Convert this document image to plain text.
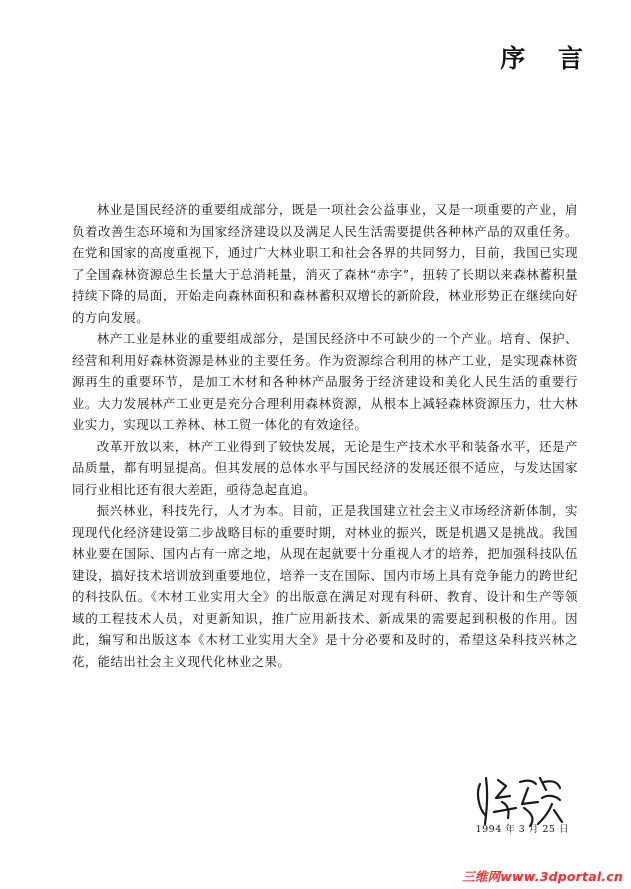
序 言

林业是国民经济的重要组成部分，既是一项社会公益事业，又是一项重要的产业，肩负着改善生态环境和为国家经济建设以及满足人民生活需要提供各种林产品的双重任务。在党和国家的高度重视下，通过广大林业职工和社会各界的共同努力，目前，我国已实现了全国森林资源总生长量大于总消耗量，消灭了森林“赤字”，扭转了长期以来森林蓄积量持续下降的局面，开始走向森林面积和森林蓄积双增长的新阶段，林业形势正在继续向好的方向发展。

林产工业是林业的重要组成部分，是国民经济中不可缺少的一个产业。培育、保护、经营和利用好森林资源是林业的主要任务。作为资源综合利用的林产工业，是实现森林资源再生的重要环节，是加工木材和各种林产品服务于经济建设和美化人民生活的重要行业。大力发展林产工业更是充分合理利用森林资源，从根本上减轻森林资源压力，壮大林业实力，实现以工养林、林工贸一体化的有效途径。

改革开放以来，林产工业得到了较快发展，无论是生产技术水平和装备水平，还是产品质量，都有明显提高。但其发展的总体水平与国民经济的发展还很不适应，与发达国家同行业相比还有很大差距，亟待急起直追。

振兴林业，科技先行，人才为本。目前，正是我国建立社会主义市场经济新体制，实现现代化经济建设第二步战略目标的重要时期，对林业的振兴，既是机遇又是挑战。我国林业要在国际、国内占有一席之地，从现在起就要十分重视人才的培养，把加强科技队伍建设，搞好技术培训放到重要地位，培养一支在国际、国内市场上具有竞争能力的跨世纪的科技队伍。《木材工业实用大全》的出版意在满足对现有科研、教育、设计和生产等领域的工程技术人员，对更新知识，推广应用新技术、新成果的需要起到积极的作用。因此，编写和出版这本《木材工业实用大全》是十分必要和及时的，希望这朵科技兴林之花，能结出社会主义现代化林业之果。

1994 年 3 月 25 日
三维网www.3dportal.cn
